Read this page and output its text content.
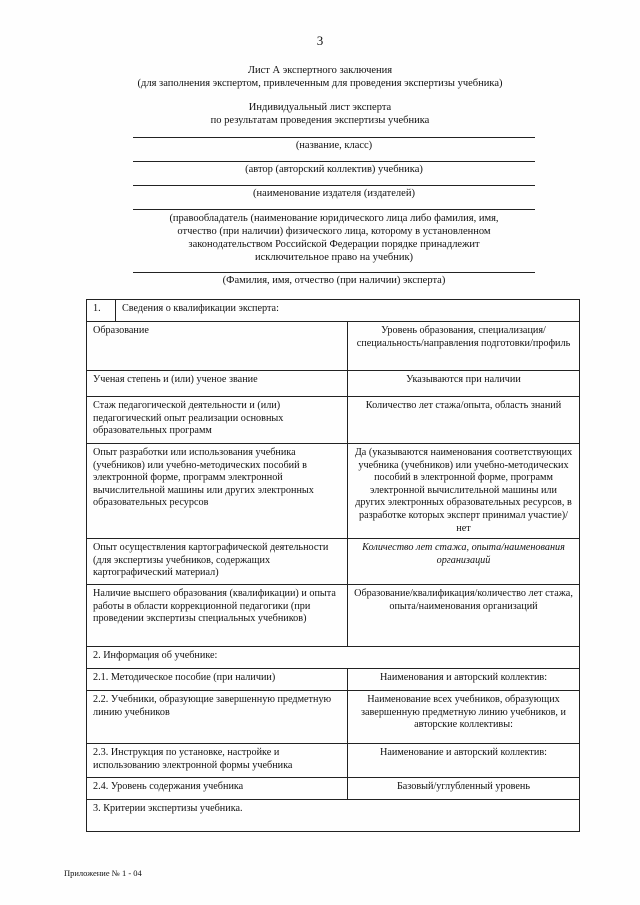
3
Лист А экспертного заключения
(для заполнения экспертом, привлеченным для проведения экспертизы учебника)
Индивидуальный лист эксперта
по результатам проведения экспертизы учебника
(название, класс)
(автор (авторский коллектив) учебника)
(наименование издателя (издателей)
(правообладатель (наименование юридического лица либо фамилия, имя,
отчество (при наличии) физического лица, которому в установленном
законодательством Российской Федерации порядке принадлежит
исключительное право на учебник)
(Фамилия, имя, отчество (при наличии) эксперта)
1.	Сведения о квалификации эксперта:	
Образование		Уровень образования, специализация/специальность/направления подготовки/профиль
Ученая степень и (или) ученое звание		Указываются при наличии
Стаж педагогической деятельности и (или) педагогический опыт реализации основных образовательных программ		Количество лет стажа/опыта, область знаний
Опыт разработки или использования учебника (учебников) или учебно-методических пособий в электронной форме, программ электронной вычислительной машины или других электронных образовательных ресурсов		Да (указываются наименования соответствующих учебника (учебников) или учебно-методических пособий в электронной форме, программ электронной вычислительной машины или других электронных образовательных ресурсов, в разработке которых эксперт принимал участие)/нет
Опыт осуществления картографической деятельности (для экспертизы учебников, содержащих картографический материал)		Количество лет стажа, опыта/наименования организаций
Наличие высшего образования (квалификации) и опыта работы в области коррекционной педагогики (при проведении экспертизы специальных учебников)		Образование/квалификация/количество лет стажа, опыта/наименования организаций
2. Информация об учебнике:		
2.1. Методическое пособие (при наличии)		Наименования и авторский коллектив:
2.2. Учебники, образующие завершенную предметную линию учебников		Наименование всех учебников, образующих завершенную предметную линию учебников, и авторские коллективы:
2.3. Инструкция по установке, настройке и использованию электронной формы учебника		Наименование и авторский коллектив:
2.4. Уровень содержания учебника		Базовый/углубленный уровень
3. Критерии экспертизы учебника.		
Приложение № 1 - 04
